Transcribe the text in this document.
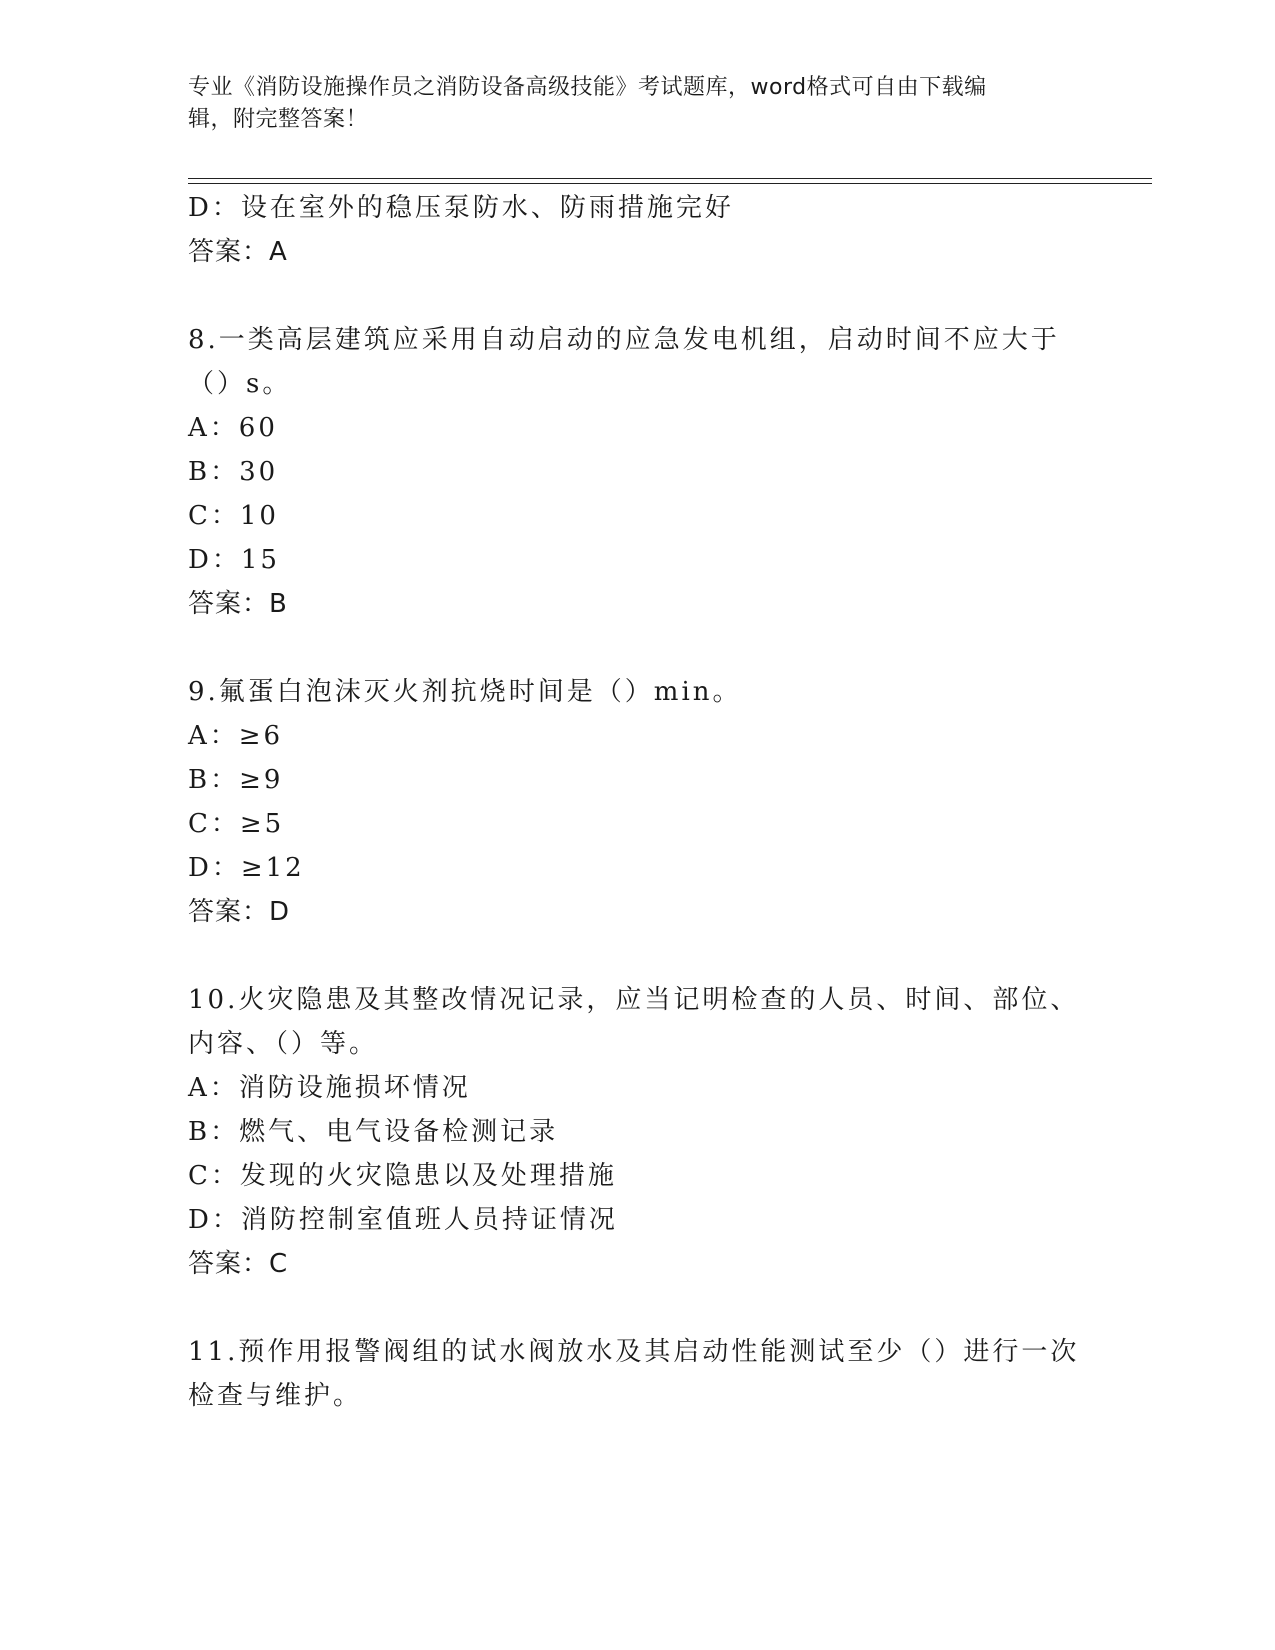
专业《消防设施操作员之消防设备高级技能》考试题库，word格式可自由下载编
辑，附完整答案！
D：设在室外的稳压泵防水、防雨措施完好
答案：A
8.一类高层建筑应采用自动启动的应急发电机组，启动时间不应大于
（）s。
A：60
B：30
C：10
D：15
答案：B
9.氟蛋白泡沫灭火剂抗烧时间是（）min。
A：≥6
B：≥9
C：≥5
D：≥12
答案：D
10.火灾隐患及其整改情况记录，应当记明检查的人员、时间、部位、
内容、（）等。
A：消防设施损坏情况
B：燃气、电气设备检测记录
C：发现的火灾隐患以及处理措施
D：消防控制室值班人员持证情况
答案：C
11.预作用报警阀组的试水阀放水及其启动性能测试至少（）进行一次
检查与维护。
